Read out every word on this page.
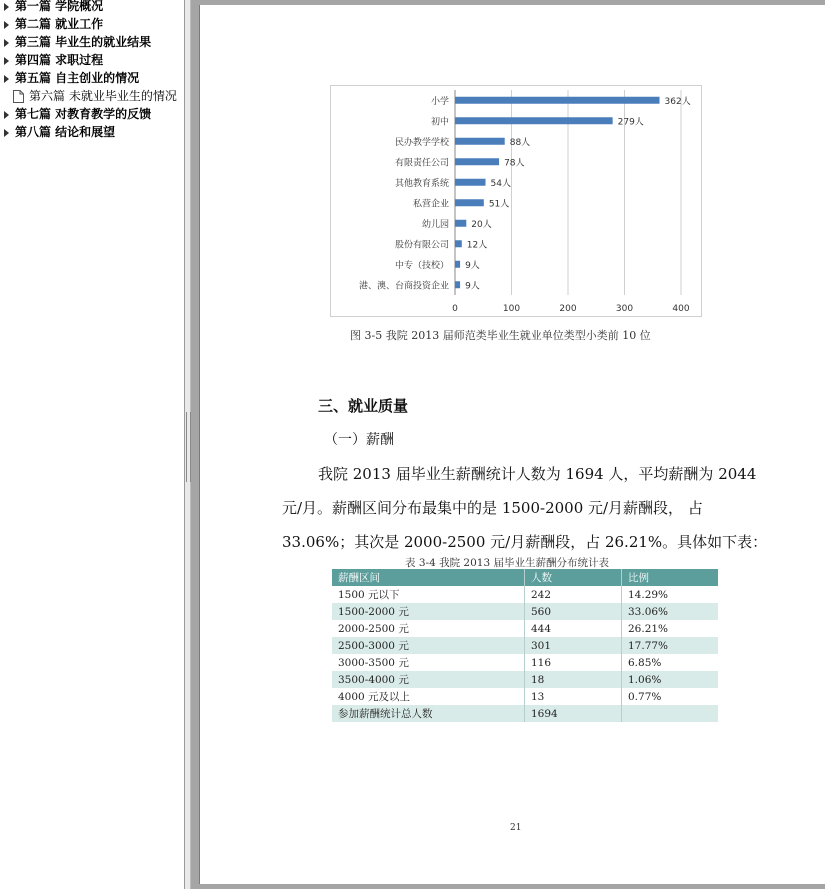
第一篇 学院概况
第二篇 就业工作
第三篇 毕业生的就业结果
第四篇 求职过程
第五篇 自主创业的情况
第六篇 未就业毕业生的情况
第七篇 对教育教学的反馈
第八篇 结论和展望
小学
初中
民办教学学校
有限责任公司
其他教育系统
私营企业
幼儿园
股份有限公司
中专（技校）
港、澳、台商投资企业
362人
279人
88人
78人
54人
51人
20人
12人
9人
9人
0	100	200	300	400
图 3-5 我院 2013 届师范类毕业生就业单位类型小类前 10 位
三、就业质量
（一）薪酬
我院 2013 届毕业生薪酬统计人数为 1694 人，平均薪酬为 2044
元/月。薪酬区间分布最集中的是 1500-2000 元/月薪酬段， 占
33.06%；其次是 2000-2500 元/月薪酬段，占 26.21%。具体如下表：
表 3-4 我院 2013 届毕业生薪酬分布统计表
薪酬区间	人数	比例
1500 元以下	242	14.29%
1500-2000 元	560	33.06%
2000-2500 元	444	26.21%
2500-3000 元	301	17.77%
3000-3500 元	116	6.85%
3500-4000 元	18	1.06%
4000 元及以上	13	0.77%
参加薪酬统计总人数	1694	
21
